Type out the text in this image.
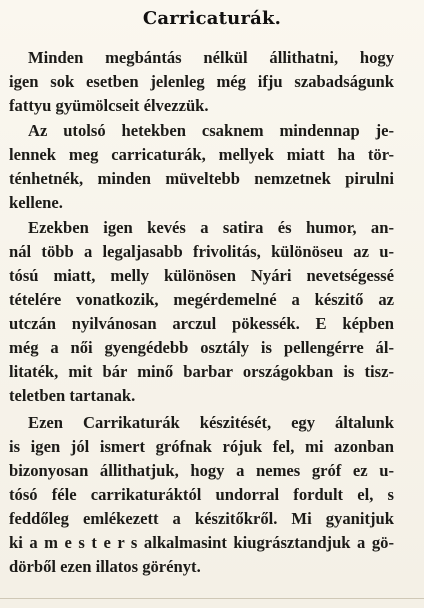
Carricaturák.
Minden megbántás nélkül állithatni, hogy
igen sok esetben jelenleg még ifju szabadságunk
fattyu gyümölcseit élvezzük.
Az utolsó hetekben csaknem mindennap je-
lennek meg carricaturák, mellyek miatt ha tör-
ténhetnék, minden müveltebb nemzetnek pirulni
kellene.
Ezekben igen kevés a satira és humor, an-
nál több a legaljasabb frivolitás, különöseu az u-
tósú miatt, melly különösen Nyári nevetségessé
tételére vonatkozik, megérdemelné a készitő az
utczán nyilvánosan arczul pökessék. E képben
még a női gyengédebb osztály is pellengérre ál-
litaték, mit bár minő barbar országokban is tisz-
teletben tartanak.
Ezen Carrikaturák készitését, egy általunk
is igen jól ismert grófnak rójuk fel, mi azonban
bizonyosan állithatjuk, hogy a nemes gróf ez u-
tósó féle carrikaturáktól undorral fordult el, s
feddőleg emlékezett a készitőkről. Mi gyanitjuk
ki a m e s t e r s alkalmasint kiugrásztandjuk a gö-
dörből ezen illatos görényt.
